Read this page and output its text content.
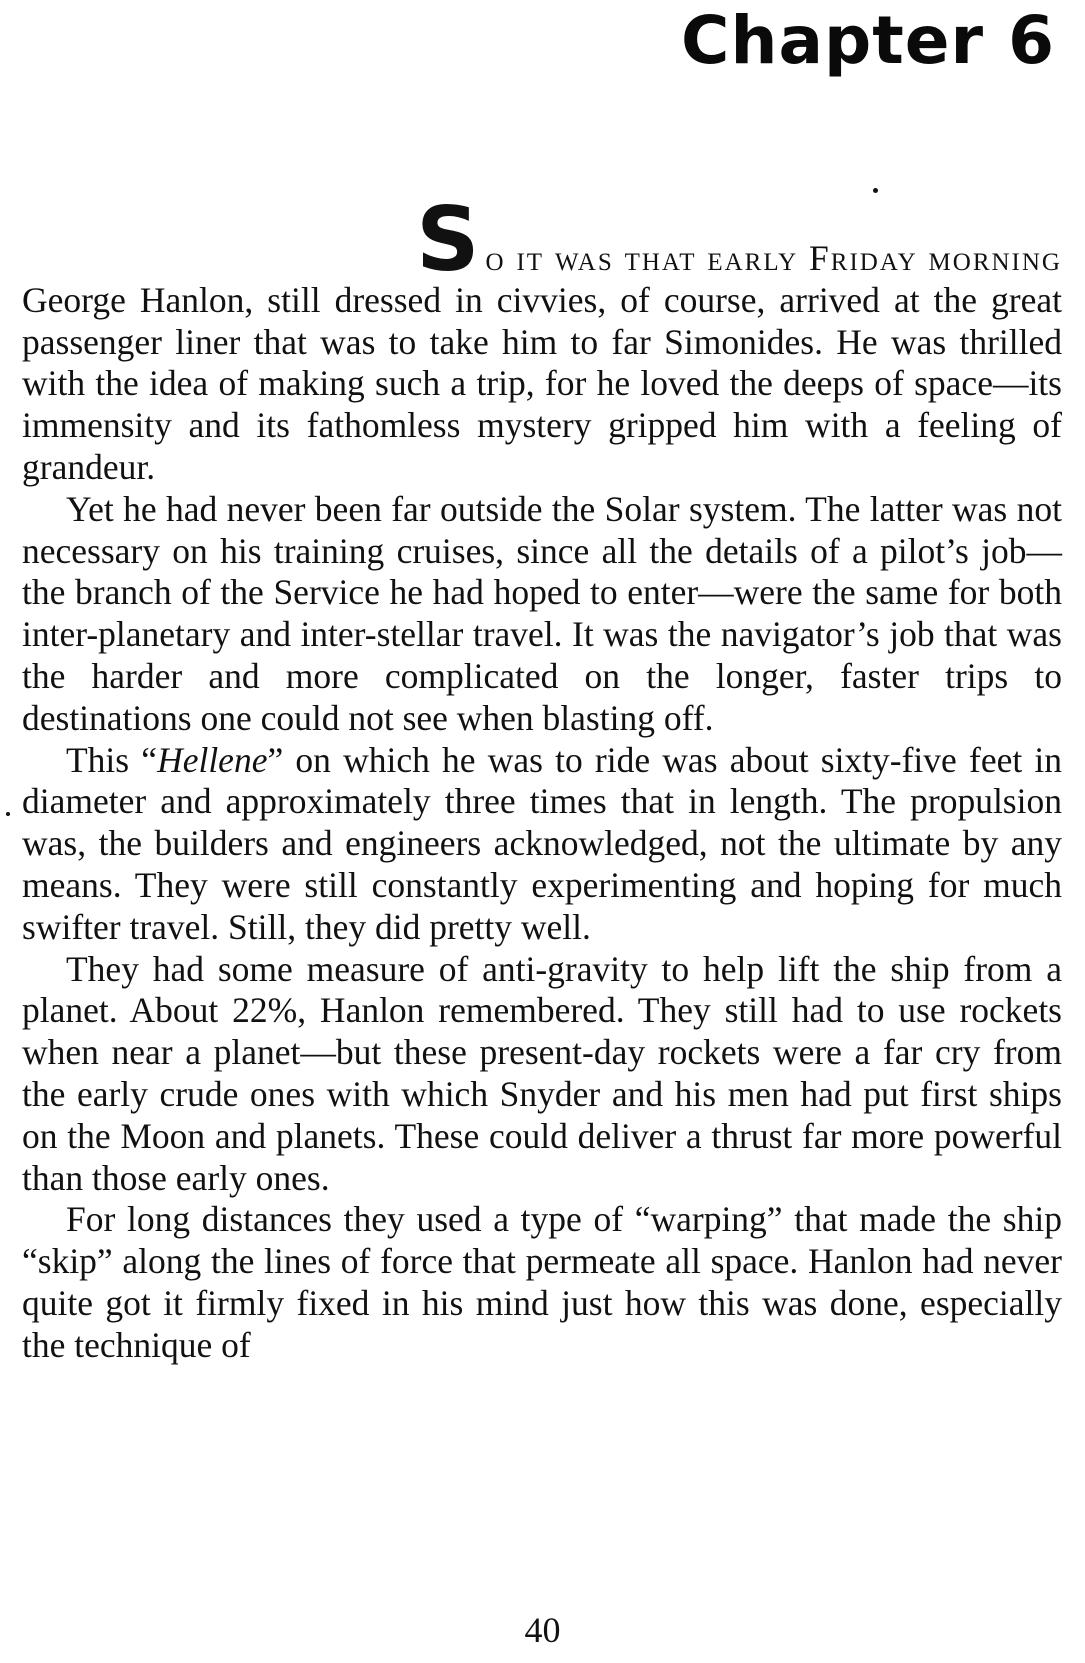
Chapter 6

So it was that early Friday morning
George Hanlon, still dressed in civvies, of course, arrived at the great passenger liner that was to take him to far Simonides. He was thrilled with the idea of making such a trip, for he loved the deeps of space—its immensity and its fathomless mystery gripped him with a feeling of grandeur.

Yet he had never been far outside the Solar system. The latter was not necessary on his training cruises, since all the details of a pilot’s job—the branch of the Service he had hoped to enter—were the same for both inter-planetary and inter-stellar travel. It was the navigator’s job that was the harder and more complicated on the longer, faster trips to destinations one could not see when blasting off.

This “Hellene” on which he was to ride was about sixty-five feet in diameter and approximately three times that in length. The propulsion was, the builders and engineers acknowledged, not the ultimate by any means. They were still constantly experimenting and hoping for much swifter travel. Still, they did pretty well.

They had some measure of anti-gravity to help lift the ship from a planet. About 22%, Hanlon remembered. They still had to use rockets when near a planet—but these present-day rockets were a far cry from the early crude ones with which Snyder and his men had put first ships on the Moon and planets. These could deliver a thrust far more powerful than those early ones.

For long distances they used a type of “warping” that made the ship “skip” along the lines of force that permeate all space. Hanlon had never quite got it firmly fixed in his mind just how this was done, especially the technique of

40
